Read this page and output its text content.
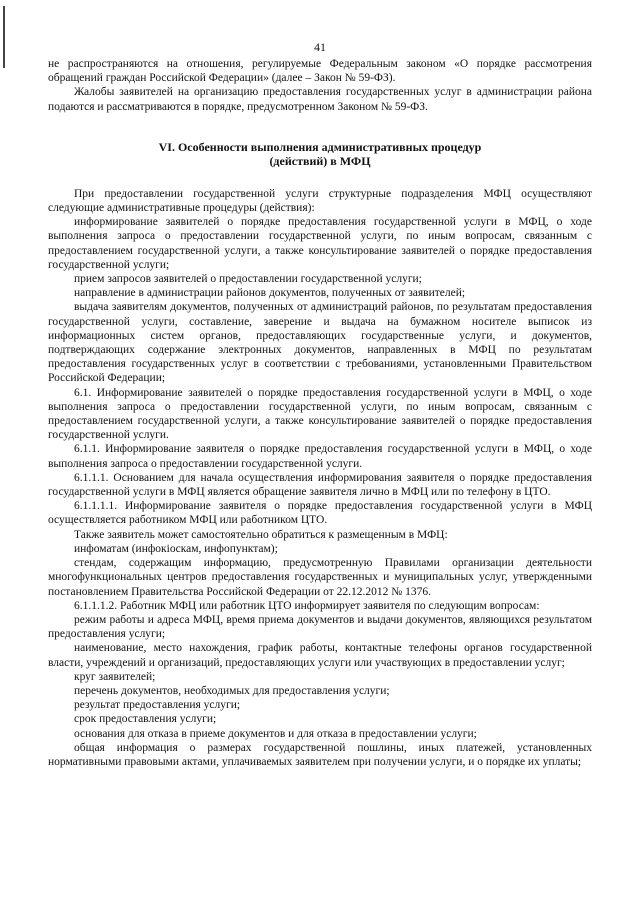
41

не распространяются на отношения, регулируемые Федеральным законом «О порядке рассмотрения обращений граждан Российской Федерации» (далее – Закон № 59-ФЗ).

Жалобы заявителей на организацию предоставления государственных услуг в администрации района подаются и рассматриваются в порядке, предусмотренном Законом № 59-ФЗ.

VI. Особенности выполнения административных процедур

(действий) в МФЦ

При предоставлении государственной услуги структурные подразделения МФЦ осуществляют следующие административные процедуры (действия):

информирование заявителей о порядке предоставления государственной услуги в МФЦ, о ходе выполнения запроса о предоставлении государственной услуги, по иным вопросам, связанным с предоставлением государственной услуги, а также консультирование заявителей о порядке предоставления государственной услуги;

прием запросов заявителей о предоставлении государственной услуги;

направление в администрации районов документов, полученных от заявителей;

выдача заявителям документов, полученных от администраций районов, по результатам предоставления государственной услуги, составление, заверение и выдача на бумажном носителе выписок из информационных систем органов, предоставляющих государственные услуги, и документов, подтверждающих содержание электронных документов, направленных в МФЦ по результатам предоставления государственных услуг в соответствии с требованиями, установленными Правительством Российской Федерации;

6.1. Информирование заявителей о порядке предоставления государственной услуги в МФЦ, о ходе выполнения запроса о предоставлении государственной услуги, по иным вопросам, связанным с предоставлением государственной услуги, а также консультирование заявителей о порядке предоставления государственной услуги.

6.1.1. Информирование заявителя о порядке предоставления государственной услуги в МФЦ, о ходе выполнения запроса о предоставлении государственной услуги.

6.1.1.1. Основанием для начала осуществления информирования заявителя о порядке предоставления государственной услуги в МФЦ является обращение заявителя лично в МФЦ или по телефону в ЦТО.

6.1.1.1.1. Информирование заявителя о порядке предоставления государственной услуги в МФЦ осуществляется работником МФЦ или работником ЦТО.

Также заявитель может самостоятельно обратиться к размещенным в МФЦ:

инфоматам (инфокioскам, инфопунктам);

стендам, содержащим информацию, предусмотренную Правилами организации деятельности многофункциональных центров предоставления государственных и муниципальных услуг, утвержденными постановлением Правительства Российской Федерации от 22.12.2012 № 1376.

6.1.1.1.2. Работник МФЦ или работник ЦТО информирует заявителя по следующим вопросам:

режим работы и адреса МФЦ, время приема документов и выдачи документов, являющихся результатом предоставления услуги;

наименование, место нахождения, график работы, контактные телефоны органов государственной власти, учреждений и организаций, предоставляющих услуги или участвующих в предоставлении услуг;

круг заявителей;

перечень документов, необходимых для предоставления услуги;

результат предоставления услуги;

срок предоставления услуги;

основания для отказа в приеме документов и для отказа в предоставлении услуги;

общая информация о размерах государственной пошлины, иных платежей, установленных нормативными правовыми актами, уплачиваемых заявителем при получении услуги, и о порядке их уплаты;
